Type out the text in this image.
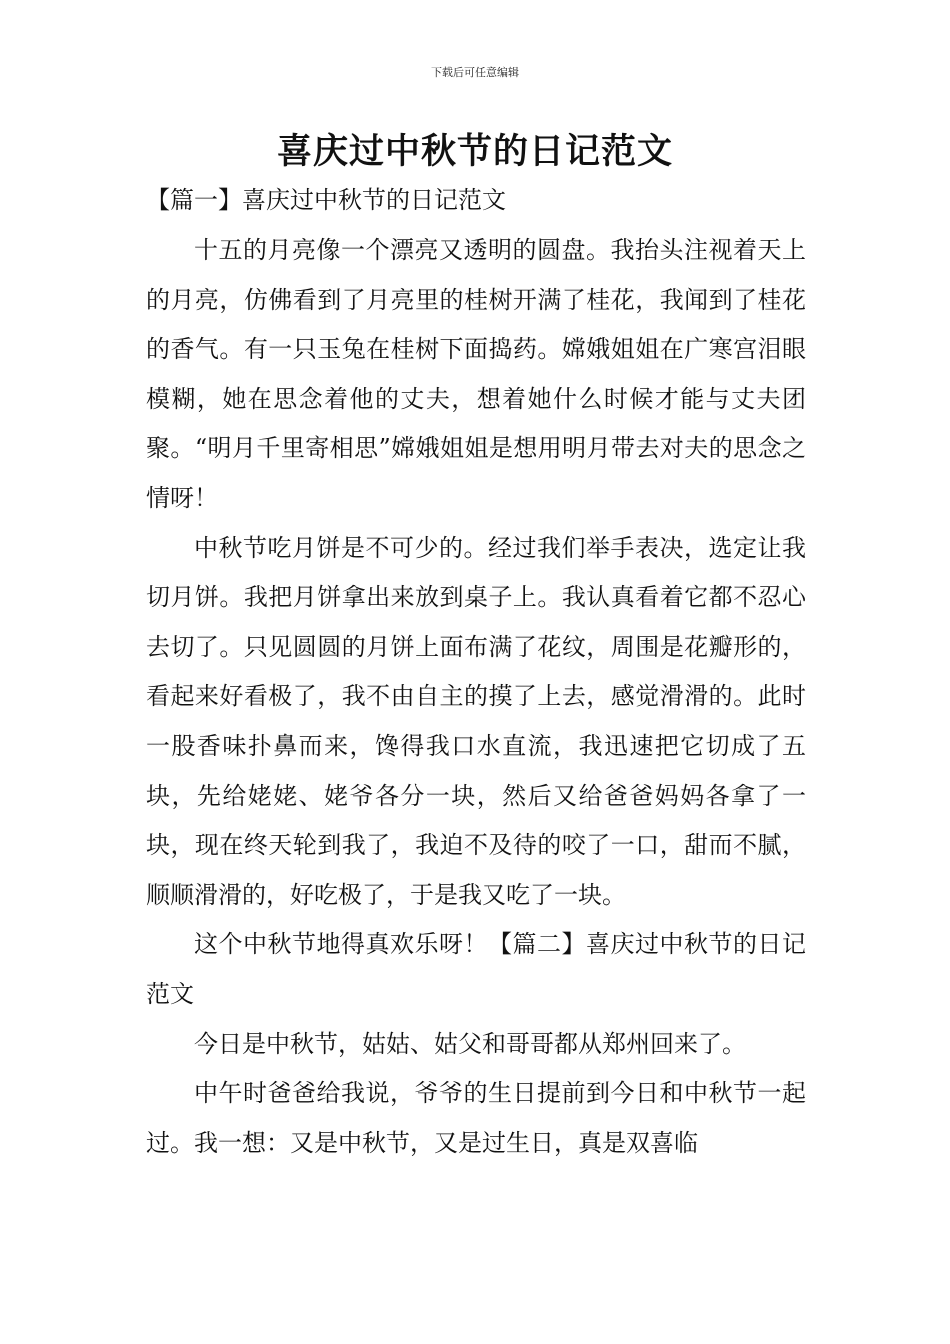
下载后可任意编辑
喜庆过中秋节的日记范文
【篇一】喜庆过中秋节的日记范文

十五的月亮像一个漂亮又透明的圆盘。我抬头注视着天上的月亮，仿佛看到了月亮里的桂树开满了桂花，我闻到了桂花的香气。有一只玉兔在桂树下面捣药。嫦娥姐姐在广寒宫泪眼模糊，她在思念着他的丈夫，想着她什么时候才能与丈夫团聚。“明月千里寄相思”嫦娥姐姐是想用明月带去对夫的思念之情呀！

中秋节吃月饼是不可少的。经过我们举手表决，选定让我切月饼。我把月饼拿出来放到桌子上。我认真看着它都不忍心去切了。只见圆圆的月饼上面布满了花纹，周围是花瓣形的，看起来好看极了，我不由自主的摸了上去，感觉滑滑的。此时一股香味扑鼻而来，馋得我口水直流，我迅速把它切成了五块，先给姥姥、姥爷各分一块，然后又给爸爸妈妈各拿了一块，现在终天轮到我了，我迫不及待的咬了一口，甜而不腻，顺顺滑滑的，好吃极了，于是我又吃了一块。

这个中秋节地得真欢乐呀！【篇二】喜庆过中秋节的日记范文

今日是中秋节，姑姑、姑父和哥哥都从郑州回来了。

中午时爸爸给我说，爷爷的生日提前到今日和中秋节一起过。我一想：又是中秋节，又是过生日，真是双喜临
